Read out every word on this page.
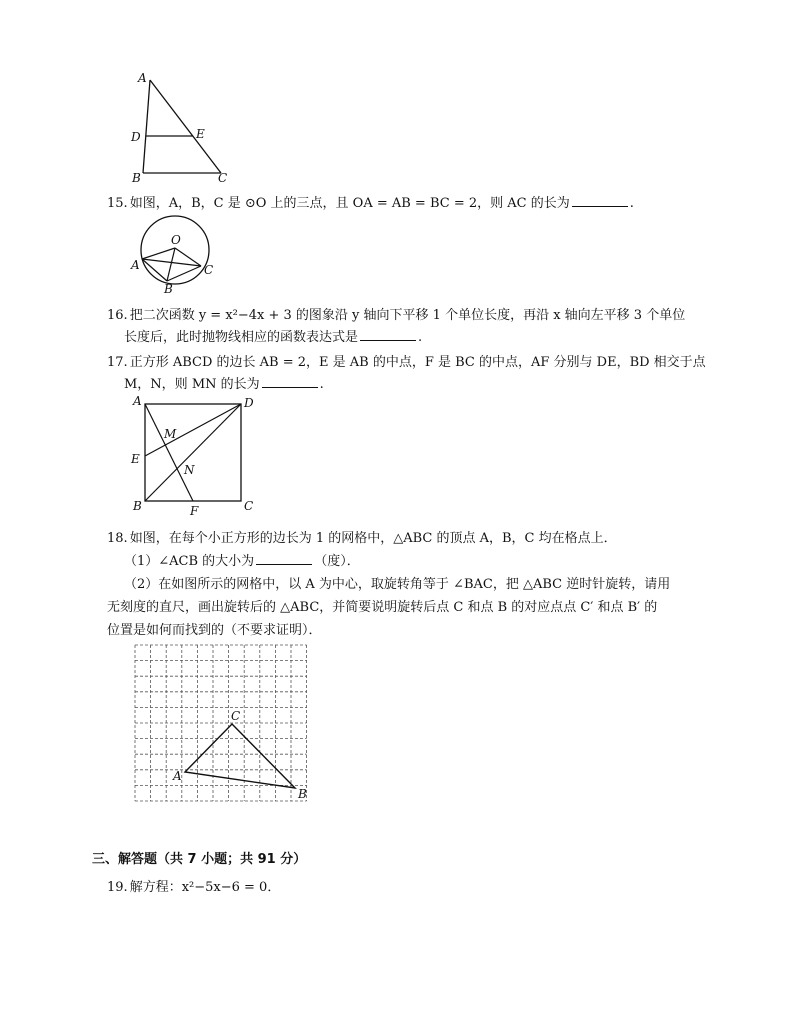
A
D	E
B	C
15. 如图，A，B，C 是 ⊙O 上的三点，且 OA = AB = BC = 2，则 AC 的长为	.
O
A
B
C
16. 把二次函数 y = x²−4x + 3 的图象沿 y 轴向下平移 1 个单位长度，再沿 x 轴向左平移 3 个单位
长度后，此时抛物线相应的函数表达式是	.
17. 正方形 ABCD 的边长 AB = 2，E 是 AB 的中点，F 是 BC 的中点，AF 分别与 DE，BD 相交于点
M，N，则 MN 的长为	.
A	D
M
E
N
B	F	C
18. 如图，在每个小正方形的边长为 1 的网格中，△ABC 的顶点 A，B，C 均在格点上．
（1）∠ACB 的大小为	（度）．
（2）在如图所示的网格中，以 A 为中心，取旋转角等于 ∠BAC，把 △ABC 逆时针旋转，请用
无刻度的直尺，画出旋转后的 △ABC，并简要说明旋转后点 C 和点 B 的对应点点 C′ 和点 B′ 的
位置是如何而找到的（不要求证明）．
C
A
B
三、解答题（共 7 小题；共 91 分）
19. 解方程：x²−5x−6 = 0．
